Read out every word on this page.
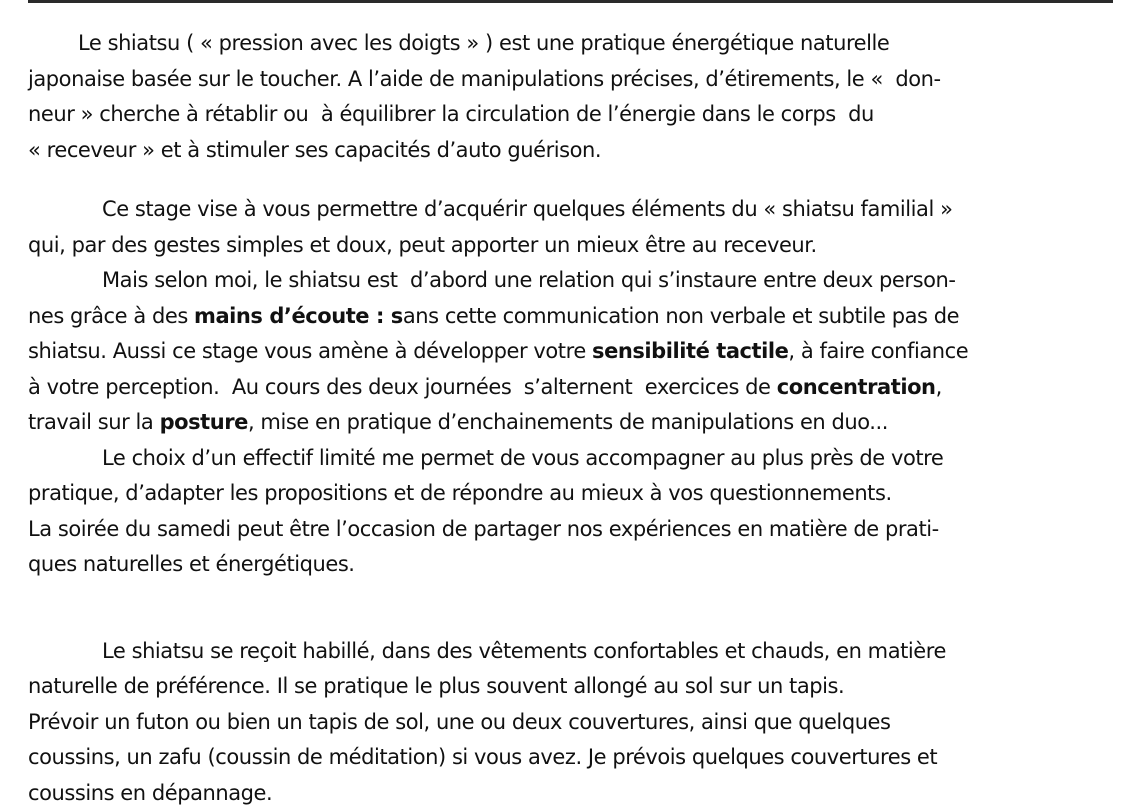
Le shiatsu ( « pression avec les doigts » ) est une pratique énergétique naturelle
japonaise basée sur le toucher. A l’aide de manipulations précises, d’étirements, le «  don-
neur » cherche à rétablir ou  à équilibrer la circulation de l’énergie dans le corps  du
« receveur » et à stimuler ses capacités d’auto guérison.
Ce stage vise à vous permettre d’acquérir quelques éléments du « shiatsu familial »
qui, par des gestes simples et doux, peut apporter un mieux être au receveur.
Mais selon moi, le shiatsu est  d’abord une relation qui s’instaure entre deux person-
nes grâce à des mains d’écoute : sans cette communication non verbale et subtile pas de
shiatsu. Aussi ce stage vous amène à développer votre sensibilité tactile, à faire confiance
à votre perception.  Au cours des deux journées  s’alternent  exercices de concentration,
travail sur la posture, mise en pratique d’enchainements de manipulations en duo...
Le choix d’un effectif limité me permet de vous accompagner au plus près de votre
pratique, d’adapter les propositions et de répondre au mieux à vos questionnements.
La soirée du samedi peut être l’occasion de partager nos expériences en matière de prati-
ques naturelles et énergétiques.
Le shiatsu se reçoit habillé, dans des vêtements confortables et chauds, en matière
naturelle de préférence. Il se pratique le plus souvent allongé au sol sur un tapis.
Prévoir un futon ou bien un tapis de sol, une ou deux couvertures, ainsi que quelques
coussins, un zafu (coussin de méditation) si vous avez. Je prévois quelques couvertures et
coussins en dépannage.
